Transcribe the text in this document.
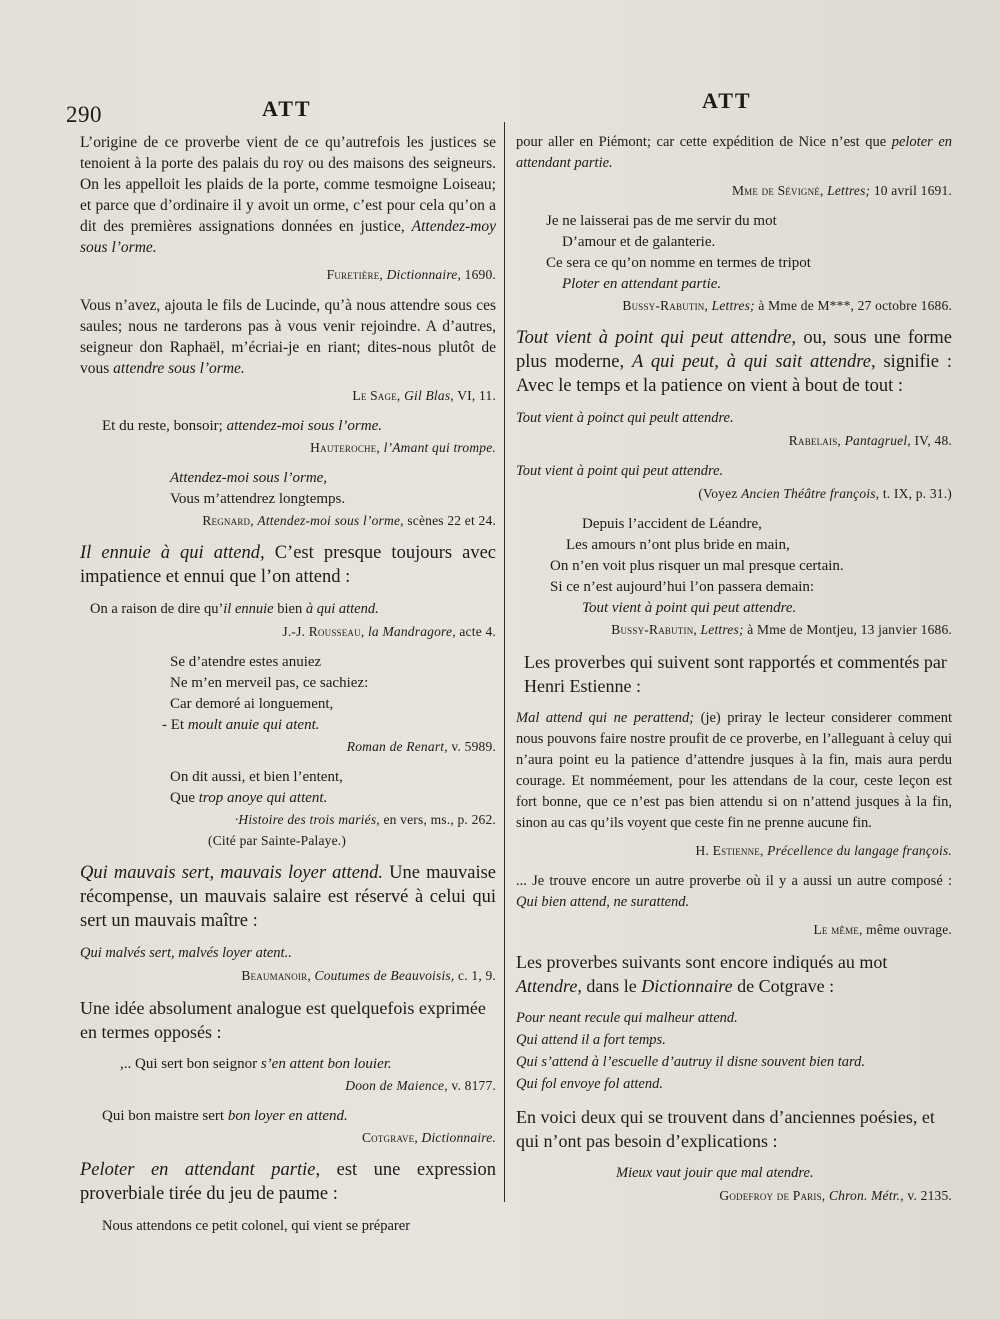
290	ATT	ATT

L’origine de ce proverbe vient de ce qu’autrefois les justices se tenoient à la porte des palais du roy ou des maisons des seigneurs. On les appelloit les plaids de la porte, comme tesmoigne Loiseau; et parce que d’ordinaire il y avoit un orme, c’est pour cela qu’on a dit des premières assignations données en justice, Attendez-moy sous l’orme.

Furetière, Dictionnaire, 1690.

Vous n’avez, ajouta le fils de Lucinde, qu’à nous attendre sous ces saules; nous ne tarderons pas à vous venir rejoindre. A d’autres, seigneur don Raphaël, m’écriai-je en riant; dites-nous plutôt de vous attendre sous l’orme.

Le Sage, Gil Blas, VI, 11.

Et du reste, bonsoir; attendez-moi sous l’orme.

Hauteroche, l’Amant qui trompe.

Attendez-moi sous l’orme,

Vous m’attendrez longtemps.

Regnard, Attendez-moi sous l’orme, scènes 22 et 24.

Il ennuie à qui attend, C’est presque toujours avec impatience et ennui que l’on attend :

On a raison de dire qu’il ennuie bien à qui attend.

J.-J. Rousseau, la Mandragore, acte 4.

Se d’atendre estes anuiez

Ne m’en merveil pas, ce sachiez:

Car demoré ai longuement,

- Et moult anuie qui atent.

Roman de Renart, v. 5989.

On dit aussi, et bien l’entent,

Que trop anoye qui attent.

·Histoire des trois mariés, en vers, ms., p. 262.

(Cité par Sainte-Palaye.)

Qui mauvais sert, mauvais loyer attend. Une mauvaise récompense, un mauvais salaire est réservé à celui qui sert un mauvais maître :

Qui malvés sert, malvés loyer atent..

Beaumanoir, Coutumes de Beauvoisis, c. 1, 9.

Une idée absolument analogue est quelquefois exprimée en termes opposés :

,.. Qui sert bon seignor s’en attent bon louier.

Doon de Maience, v. 8177.

Qui bon maistre sert bon loyer en attend.

Cotgrave, Dictionnaire.

Peloter en attendant partie, est une expression proverbiale tirée du jeu de paume :

Nous attendons ce petit colonel, qui vient se préparer

pour aller en Piémont; car cette expédition de Nice n’est que peloter en attendant partie.

Mme de Sévigné, Lettres; 10 avril 1691.

Je ne laisserai pas de me servir du mot

D’amour et de galanterie.

Ce sera ce qu’on nomme en termes de tripot

Ploter en attendant partie.

Bussy-Rabutin, Lettres; à Mme de M***, 27 octobre 1686.

Tout vient à point qui peut attendre, ou, sous une forme plus moderne, A qui peut, à qui sait attendre, signifie : Avec le temps et la patience on vient à bout de tout :

Tout vient à poinct qui peult attendre.

Rabelais, Pantagruel, IV, 48.

Tout vient à point qui peut attendre.

(Voyez Ancien Théâtre françois, t. IX, p. 31.)

Depuis l’accident de Léandre,

Les amours n’ont plus bride en main,

On n’en voit plus risquer un mal presque certain.

Si ce n’est aujourd’hui l’on passera demain:

Tout vient à point qui peut attendre.

Bussy-Rabutin, Lettres; à Mme de Montjeu, 13 janvier 1686.

Les proverbes qui suivent sont rapportés et commentés par Henri Estienne :

Mal attend qui ne perattend; (je) priray le lecteur considerer comment nous pouvons faire nostre proufit de ce proverbe, en l’alleguant à celuy qui n’aura point eu la patience d’attendre jusques à la fin, mais aura perdu courage. Et nomméement, pour les attendans de la cour, ceste leçon est fort bonne, que ce n’est pas bien attendu si on n’attend jusques à la fin, sinon au cas qu’ils voyent que ceste fin ne prenne aucune fin.

H. Estienne, Précellence du langage françois.

... Je trouve encore un autre proverbe où il y a aussi un autre composé : Qui bien attend, ne surattend.

Le même, même ouvrage.

Les proverbes suivants sont encore indiqués au mot Attendre, dans le Dictionnaire de Cotgrave :

Pour neant recule qui malheur attend.

Qui attend il a fort temps.

Qui s’attend à l’escuelle d’autruy il disne souvent bien tard.

Qui fol envoye fol attend.

En voici deux qui se trouvent dans d’anciennes poésies, et qui n’ont pas besoin d’explications :

Mieux vaut jouir que mal atendre.

Godefroy de Paris, Chron. Métr., v. 2135.
